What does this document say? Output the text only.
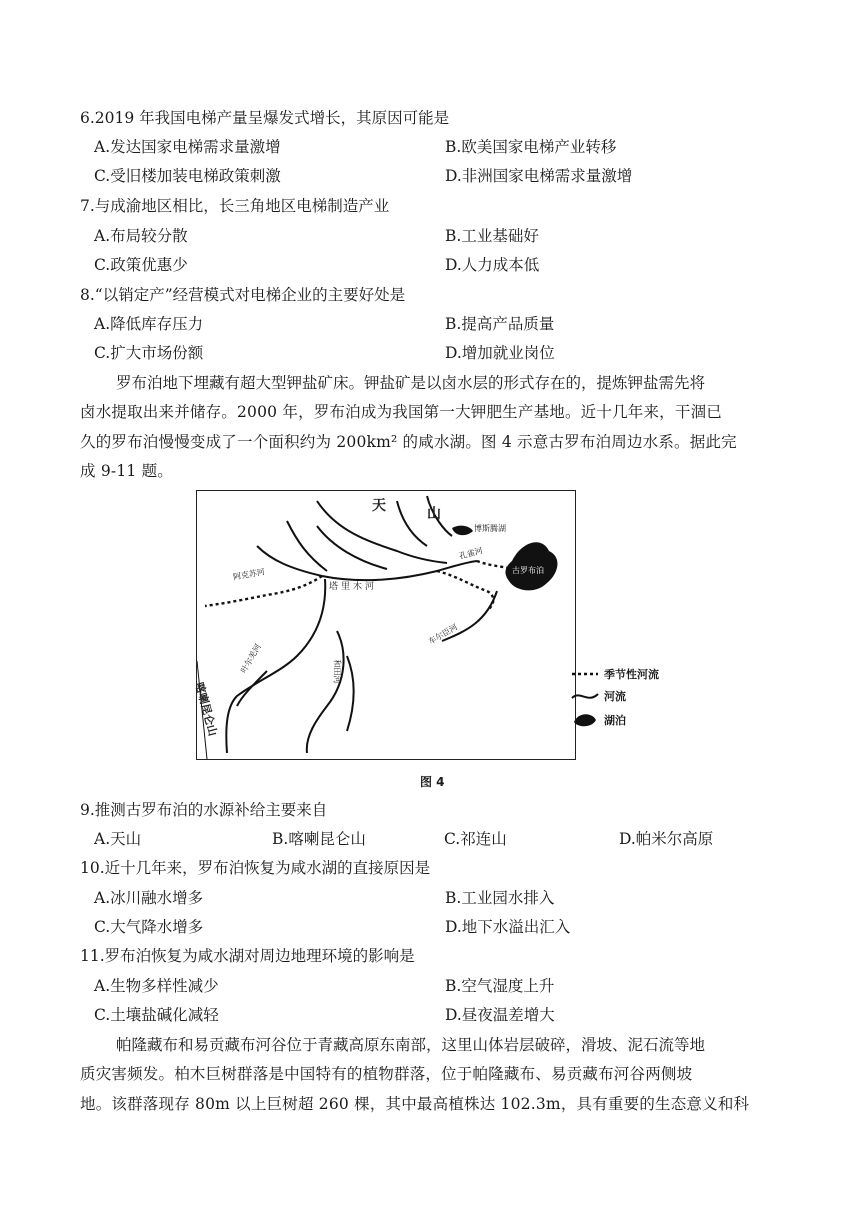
6.2019 年我国电梯产量呈爆发式增长，其原因可能是
A.发达国家电梯需求量激增	B.欧美国家电梯产业转移
C.受旧楼加装电梯政策刺激	D.非洲国家电梯需求量激增
7.与成渝地区相比，长三角地区电梯制造产业
A.布局较分散	B.工业基础好
C.政策优惠少	D.人力成本低
8.“以销定产”经营模式对电梯企业的主要好处是
A.降低库存压力	B.提高产品质量
C.扩大市场份额	D.增加就业岗位
罗布泊地下埋藏有超大型钾盐矿床。钾盐矿是以卤水层的形式存在的，提炼钾盐需先将
卤水提取出来并储存。2000 年，罗布泊成为我国第一大钾肥生产基地。近十几年来，干涸已
久的罗布泊慢慢变成了一个面积约为 200km² 的咸水湖。图 4 示意古罗布泊周边水系。据此完
成 9-11 题。
天	山
博斯腾湖
孔雀河
阿克苏河
塔里木河
古罗布泊
车尔臣河
叶尔羌河	和田河
喀喇昆仑山
季节性河流
河流
湖泊
图 4
9.推测古罗布泊的水源补给主要来自
A.天山	B.喀喇昆仑山	C.祁连山	D.帕米尔高原
10.近十几年来，罗布泊恢复为咸水湖的直接原因是
A.冰川融水增多	B.工业园水排入
C.大气降水增多	D.地下水溢出汇入
11.罗布泊恢复为咸水湖对周边地理环境的影响是
A.生物多样性减少	B.空气湿度上升
C.土壤盐碱化减轻	D.昼夜温差增大
帕隆藏布和易贡藏布河谷位于青藏高原东南部，这里山体岩层破碎，滑坡、泥石流等地
质灾害频发。柏木巨树群落是中国特有的植物群落，位于帕隆藏布、易贡藏布河谷两侧坡
地。该群落现存 80m 以上巨树超 260 棵，其中最高植株达 102.3m，具有重要的生态意义和科
